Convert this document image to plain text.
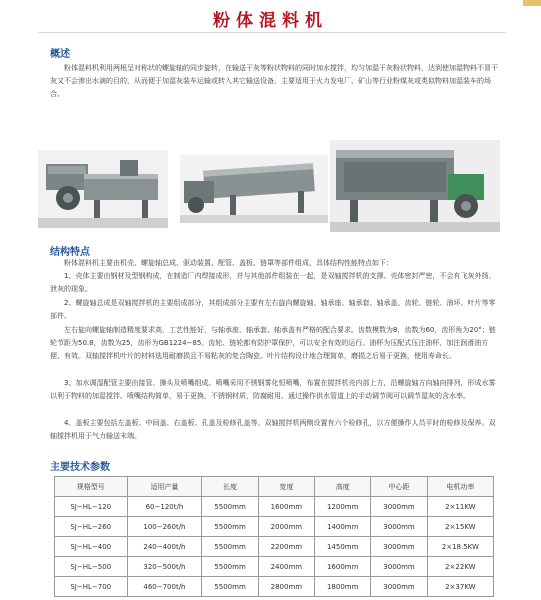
粉体混料机
概述

粉体混料机利用两根呈对称状的螺旋轴的同步旋转，在输送干灰等粉状物料的同时加水搅拌，均匀加湿干灰粉状物料，达到使加湿物料不冒干灰又不会渗出水滴的目的，从而便于加湿灰装车运输或转入其它输送设备。主要适用于火力发电厂、矿山等行业粉煤灰或类似物料加湿装车的场合。

结构特点

粉体混料机主要由机壳、螺旋轴总成、驱动装置、配管、盖板、链罩等部件组成，具体结构性能特点如下：

1、壳体主要由钢材及型钢构成，在制造厂内焊接成形，并与其他部件组装在一起，是双轴搅拌机的支撑。壳体密封严密，不会有飞灰外扬、泄灰的现象。

2、螺旋轴总成是双轴搅拌机的主要组成部分，其组成部分主要有左右旋向螺旋轴、轴承座、轴承套、轴承盖、齿轮、链轮、油坏、叶片等零部件。

左右旋向螺旋轴制造精度要求高，工艺性能好，与轴承座、轴承套、轴承盖有严格的配合要求。齿数模数为8，齿数为60，齿形角为20°；链轮节距为50.8，齿数为25，齿形为GB1224−85。齿轮、链轮都有防护罩保护，可以安全有效的运行。油杯为压配式压注油杯，加注润滑油方便、有效。双轴搅拌机叶片的材料选用耐磨损且不易粘灰的复合陶瓷。叶片结构设计地合理简单，磨损之后易于更换，使用寿命长。

3、加水调湿配管主要由接管、操头及喷嘴组成。喷嘴采用不锈钢雾化恒喷嘴，布置在搅拌机壳内部上方，沿螺旋轴方向轴向排列，形成水雾以利于物料的加湿搅拌。喷嘴结构简单，易于更换，不锈钢材质，防腐耐用。通过操作供水管道上的手动调节阀可以调节湿灰的含水率。

4、盖板主要包括左盖板、中间盖、右盖板、孔盖及检修孔盖等。双轴搅拌机两侧设置有六个检修孔，以方便操作人员平时的检修及保养。双轴搅拌机用于气力输送末端。

主要技术参数
规格型号	适用产量	长度	宽度	高度	中心距	电机功率
SJ−HL−120	60−120t/h	5500mm	1600mm	1200mm	3000mm	2×11KW
SJ−HL−260	100−260t/h	5500mm	2000mm	1400mm	3000mm	2×15KW
SJ−HL−400	240−400t/h	5500mm	2200mm	1450mm	3000mm	2×18.5KW
SJ−HL−500	320−500t/h	5500mm	2400mm	1600mm	3000mm	2×22KW
SJ−HL−700	460−700t/h	5500mm	2800mm	1800mm	3000mm	2×37KW
